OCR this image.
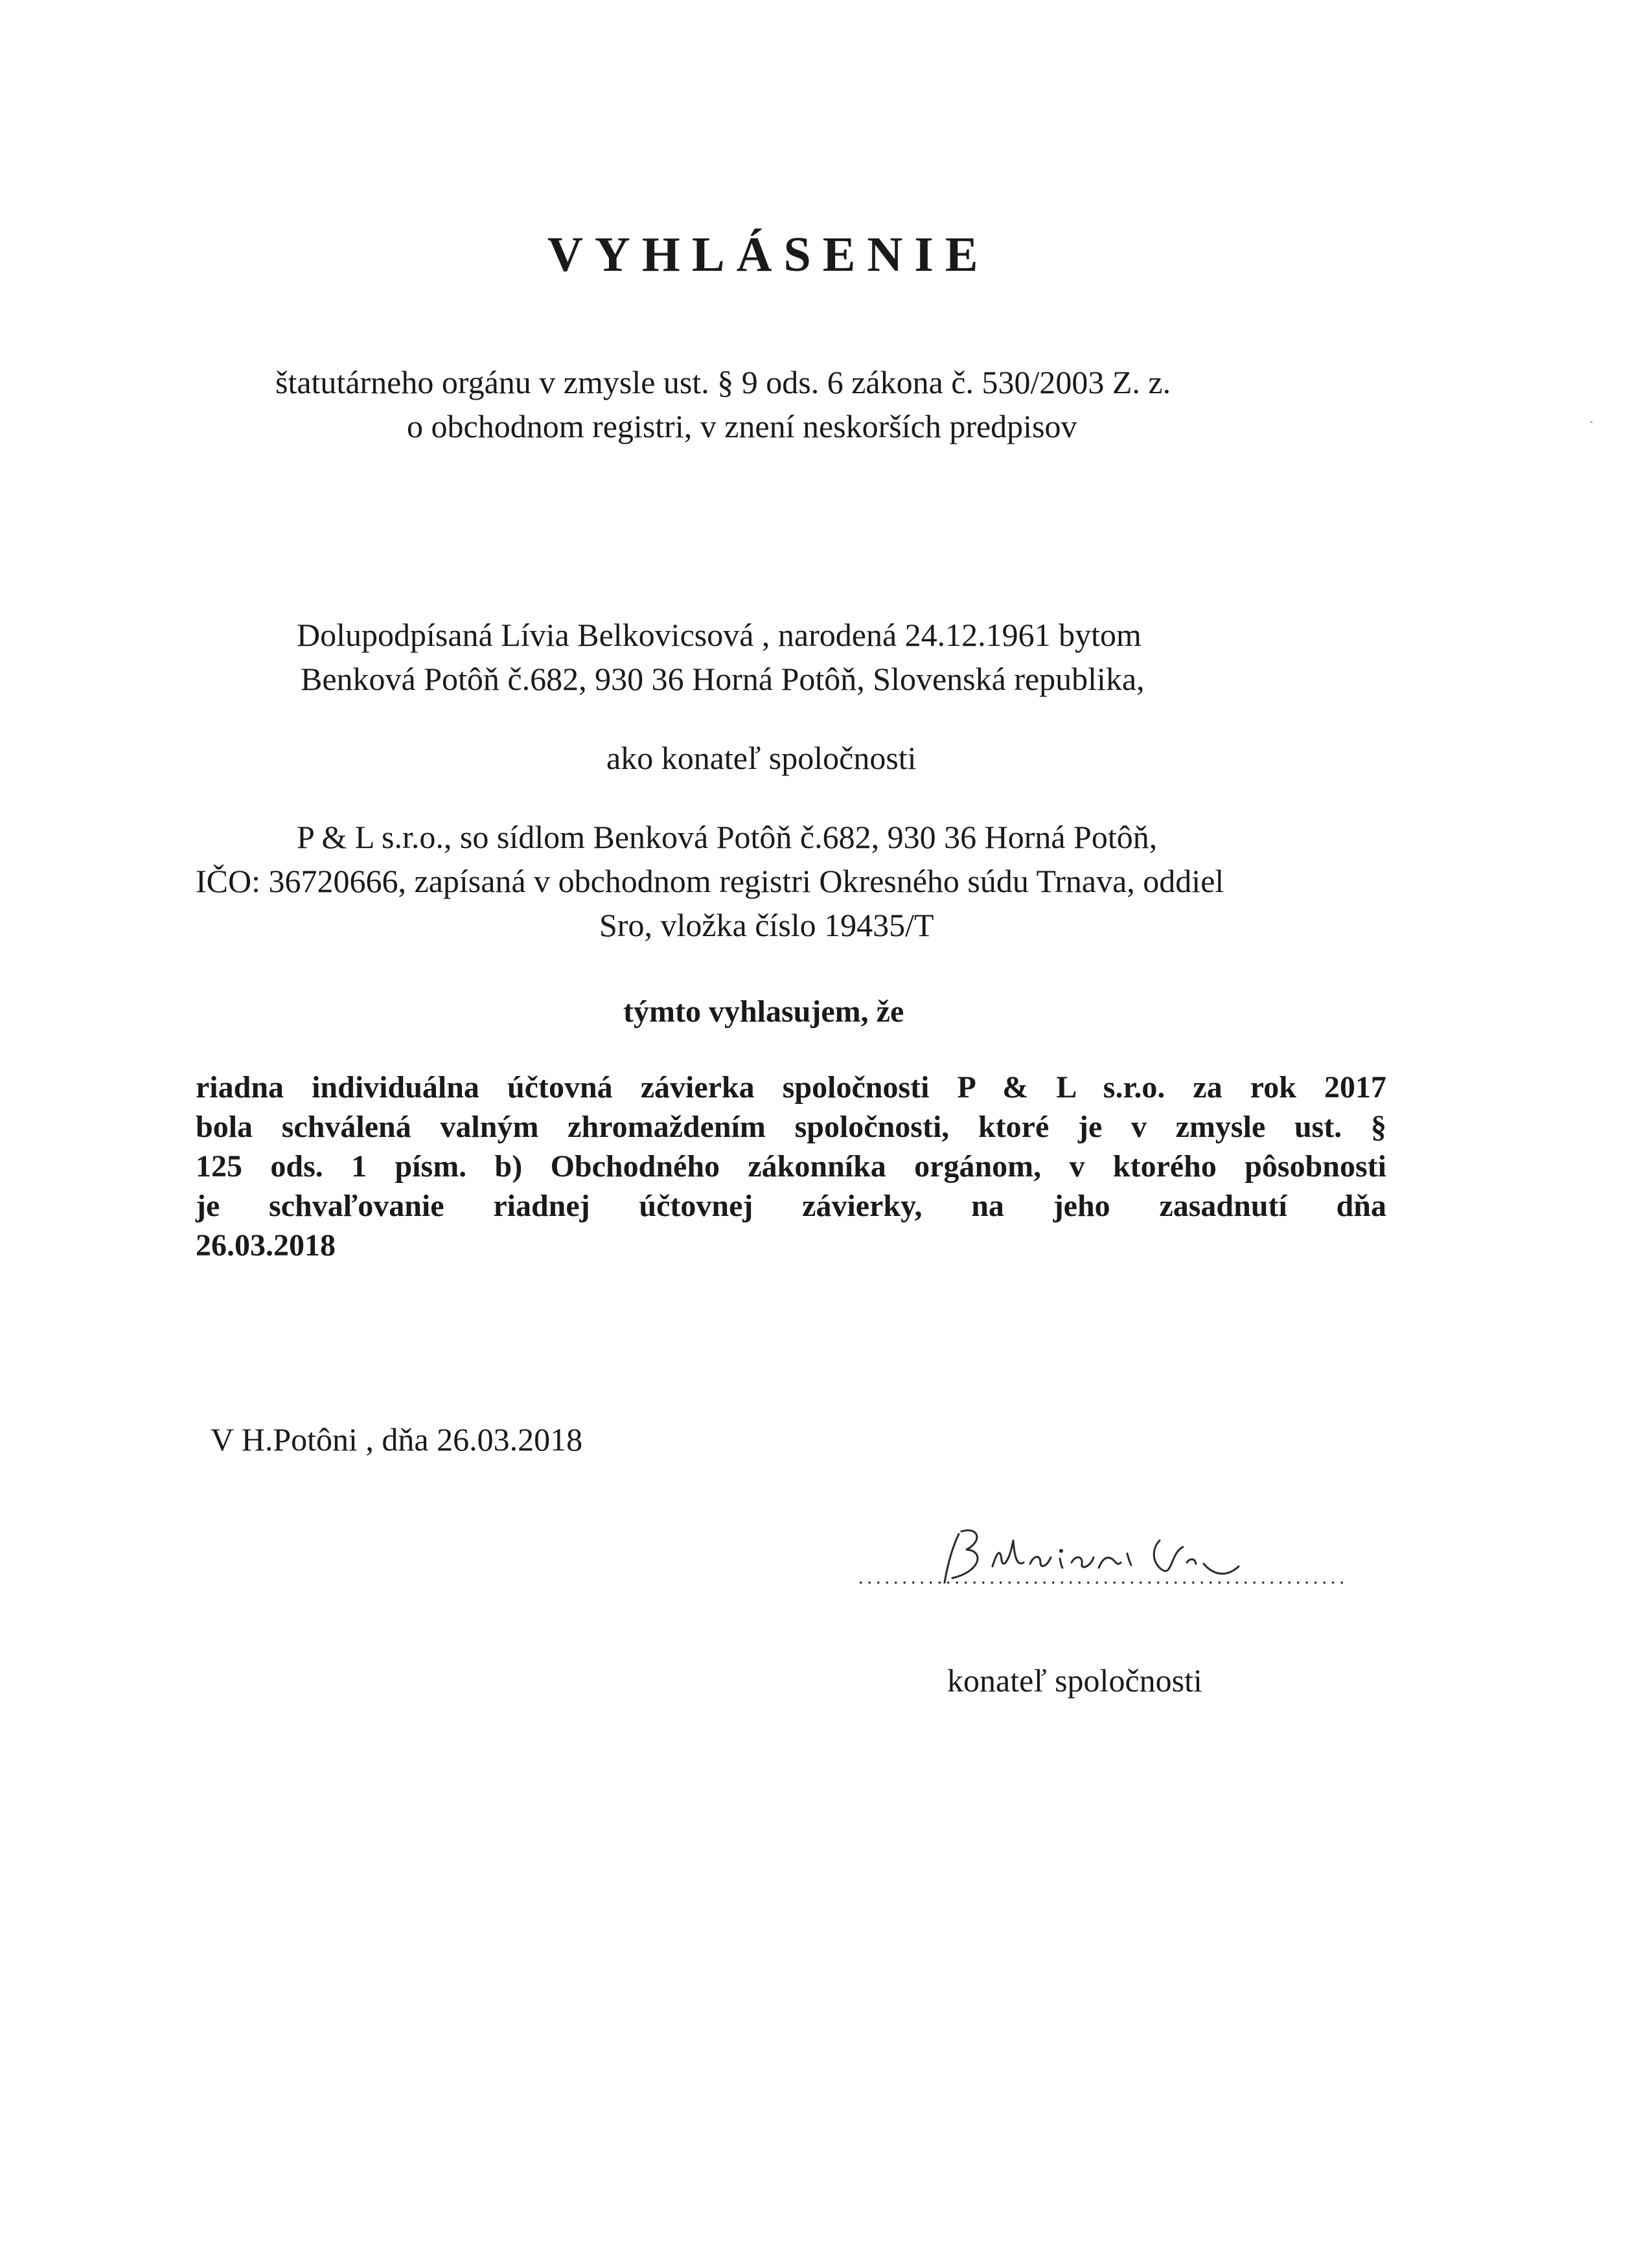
VYHLÁSENIE
štatutárneho orgánu v zmysle ust. § 9 ods. 6 zákona č. 530/2003 Z. z.
o obchodnom registri, v znení neskorších predpisov
Dolupodpísaná Lívia Belkovicsová , narodená 24.12.1961 bytom
Benková Potôň č.682, 930 36 Horná Potôň, Slovenská republika,
ako konateľ spoločnosti
P & L s.r.o., so sídlom Benková Potôň č.682, 930 36 Horná Potôň,
IČO: 36720666, zapísaná v obchodnom registri Okresného súdu Trnava, oddiel
Sro, vložka číslo 19435/T
týmto vyhlasujem, že
riadna individuálna účtovná závierka spoločnosti P & L s.r.o. za rok 2017
bola schválená valným zhromaždením spoločnosti, ktoré je v zmysle ust. §
125 ods. 1 písm. b) Obchodného zákonníka orgánom, v ktorého pôsobnosti
je schvaľovanie riadnej účtovnej závierky, na jeho zasadnutí dňa
26.03.2018
V H.Potôni , dňa 26.03.2018
konateľ spoločnosti
